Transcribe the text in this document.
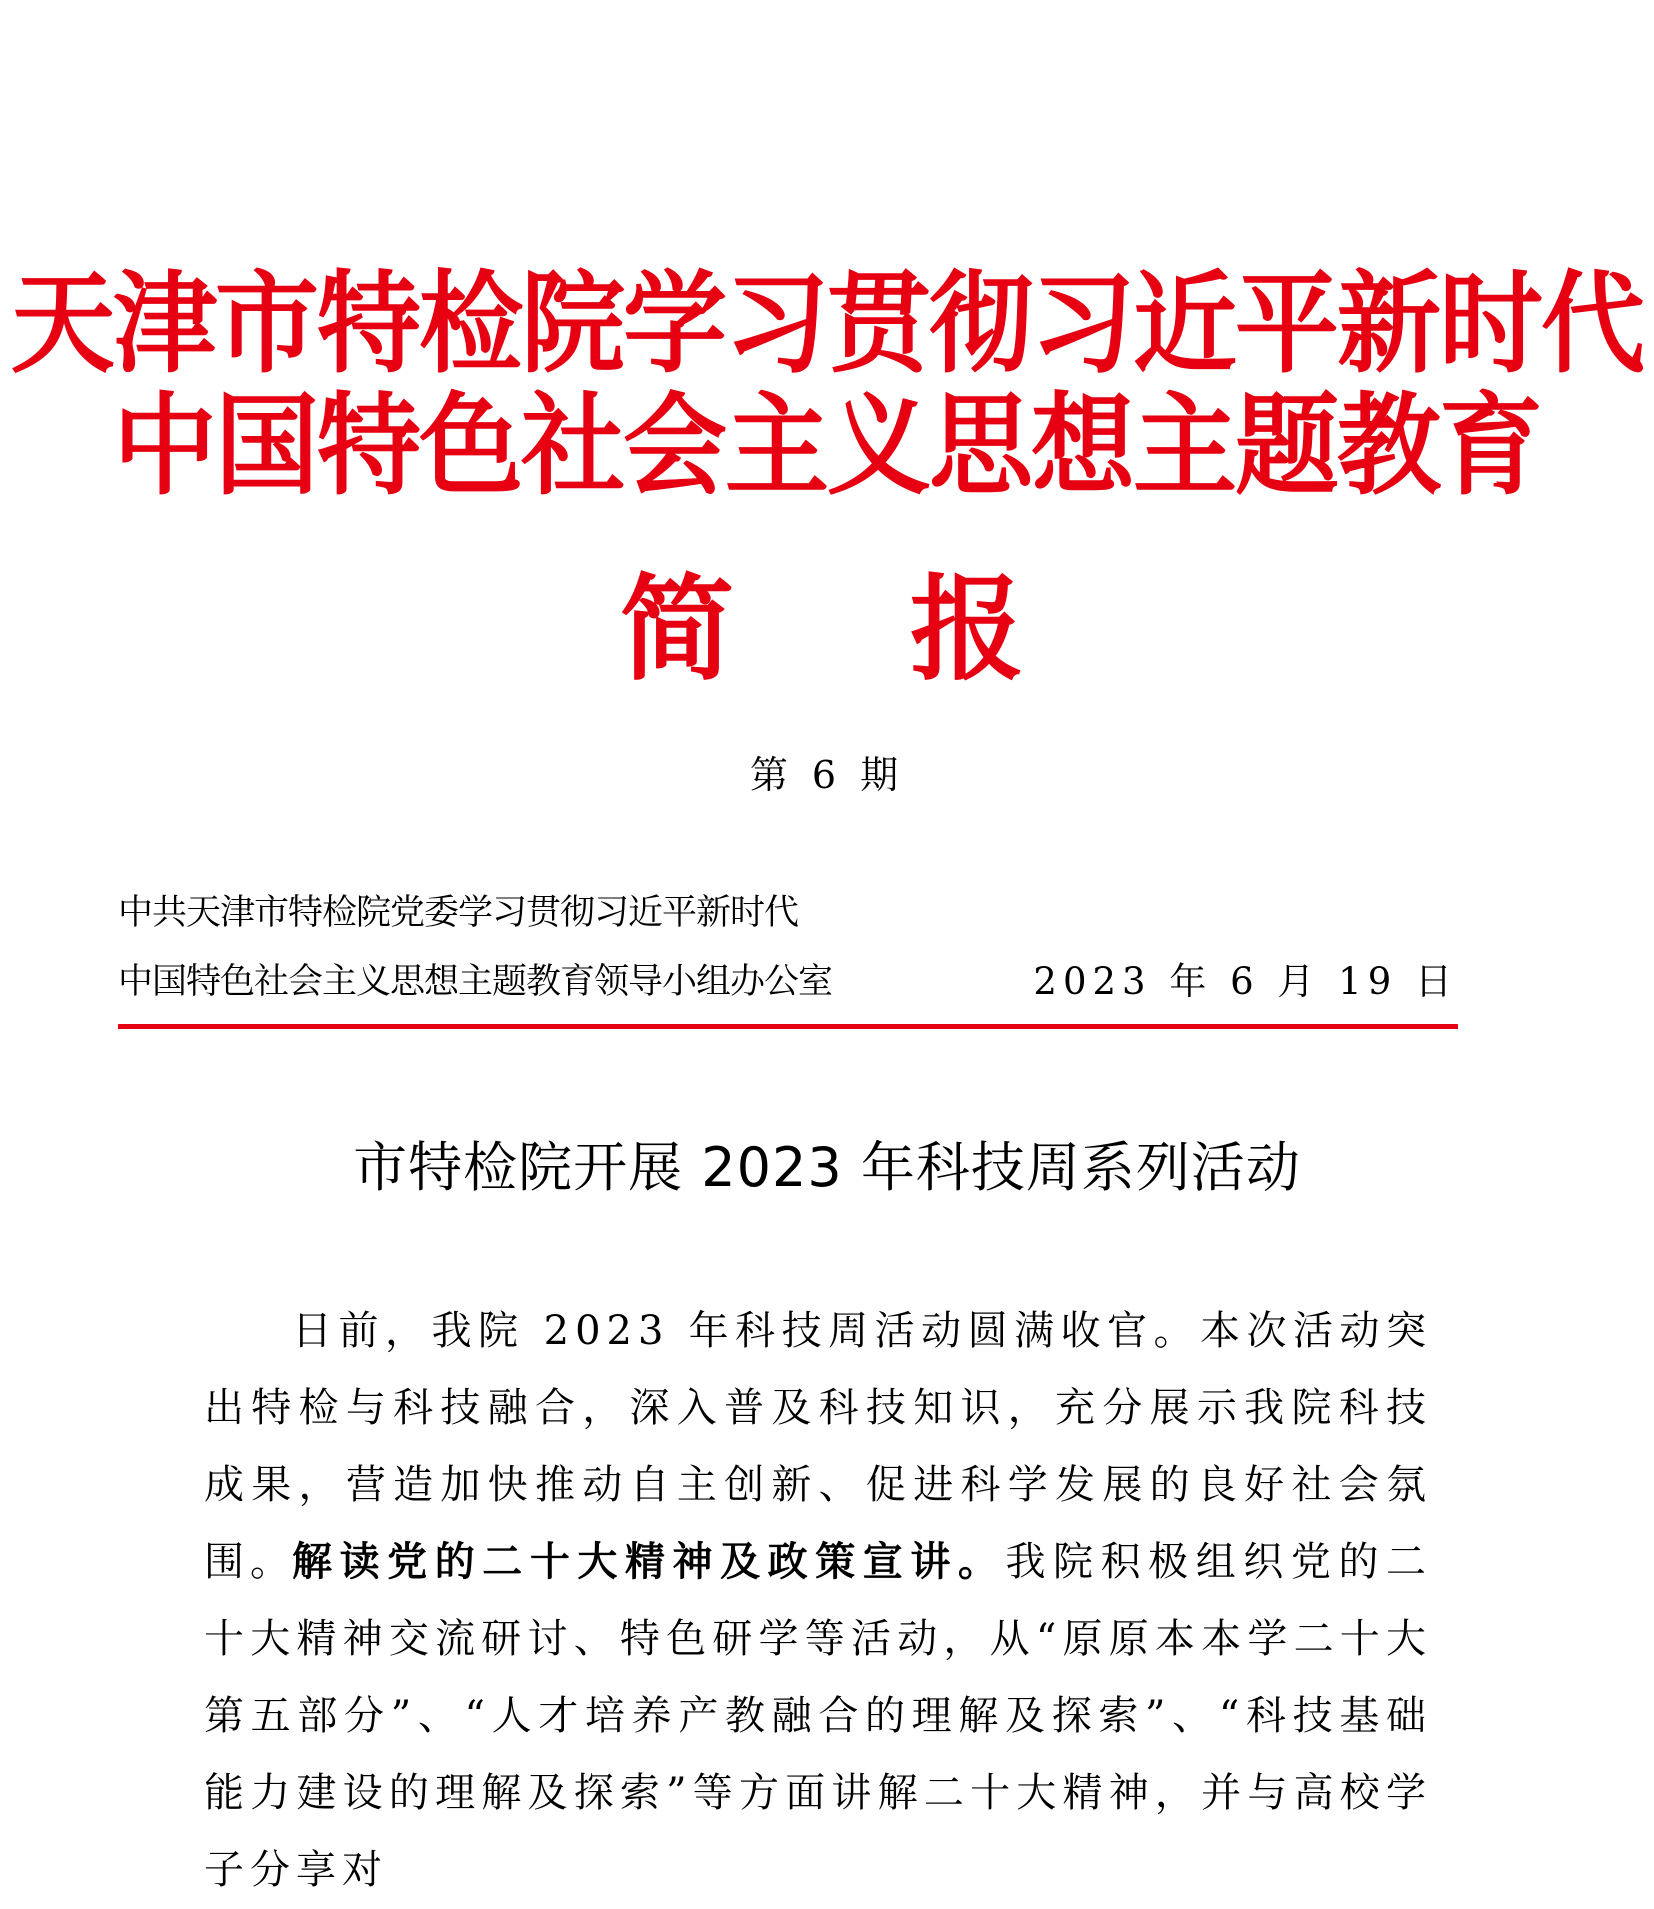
天津市特检院学习贯彻习近平新时代
中国特色社会主义思想主题教育
简 报
第 6 期
中共天津市特检院党委学习贯彻习近平新时代
中国特色社会主义思想主题教育领导小组办公室	2023 年 6 月 19 日
市特检院开展 2023 年科技周系列活动

日前，我院 2023 年科技周活动圆满收官。本次活动突出特检与科技融合，深入普及科技知识，充分展示我院科技成果，营造加快推动自主创新、促进科学发展的良好社会氛围。

解读党的二十大精神及政策宣讲。我院积极组织党的二十大精神交流研讨、特色研学等活动，从“原原本本学二十大第五部分”、“人才培养产教融合的理解及探索”、“科技基础能力建设的理解及探索”等方面讲解二十大精神，并与高校学子分享对
